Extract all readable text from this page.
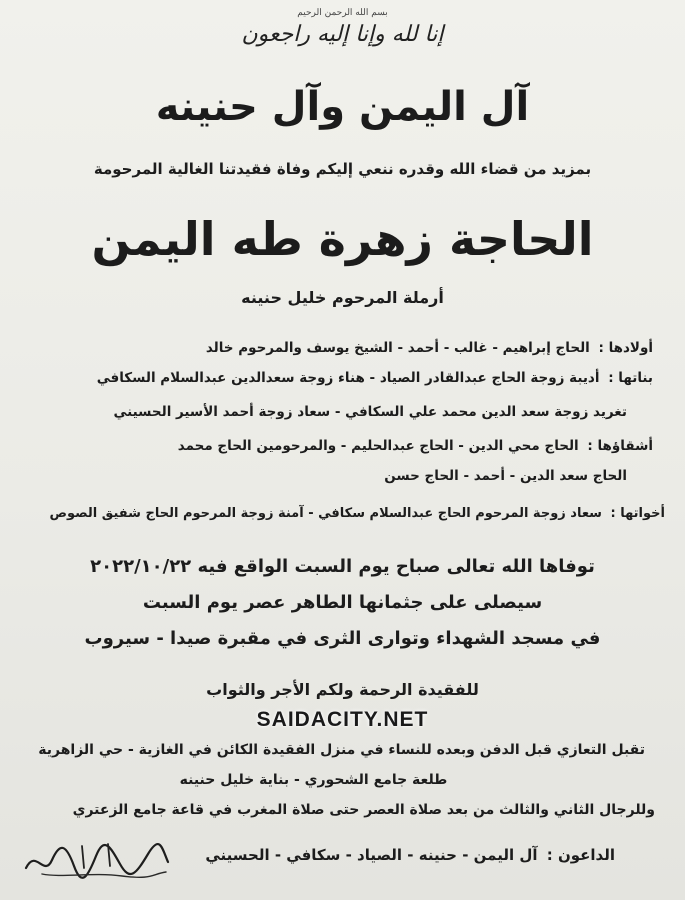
بسم الله الرحمن الرحيم
إنا لله وإنا إليه راجعون
آل اليمن وآل حنينه
بمزيد من قضاء الله وقدره ننعي إليكم وفاة فقيدتنا الغالية المرحومة
الحاجة زهرة طه اليمن
أرملة المرحوم خليل حنينه
أولادها : الحاج إبراهيم - غالب - أحمد - الشيخ يوسف والمرحوم خالد
بناتها : أديبة زوجة الحاج عبدالقادر الصياد - هناء زوجة سعدالدين عبدالسلام السكافي
تغريد زوجة سعد الدين محمد علي السكافي - سعاد زوجة أحمد الأسير الحسيني
أشقاؤها : الحاج محي الدين - الحاج عبدالحليم - والمرحومين الحاج محمد
الحاج سعد الدين - أحمد - الحاج حسن
أخواتها : سعاد زوجة المرحوم الحاج عبدالسلام سكافي - آمنة زوجة المرحوم الحاج شفيق الصوص
توفاها الله تعالى صباح يوم السبت الواقع فيه ٢٠٢٢/١٠/٢٢
سيصلى على جثمانها الطاهر عصر يوم السبت
في مسجد الشهداء وتوارى الثرى في مقبرة صيدا - سيروب
للفقيدة الرحمة ولكم الأجر والثواب
SAIDACITY.NET
تقبل التعازي قبل الدفن وبعده للنساء في منزل الفقيدة الكائن في الغازية - حي الزاهرية
طلعة جامع الشحوري - بناية خليل حنينه
وللرجال الثاني والثالث من بعد صلاة العصر حتى صلاة المغرب في قاعة جامع الزعتري
الداعون : آل اليمن - حنينه - الصياد - سكافي - الحسيني
